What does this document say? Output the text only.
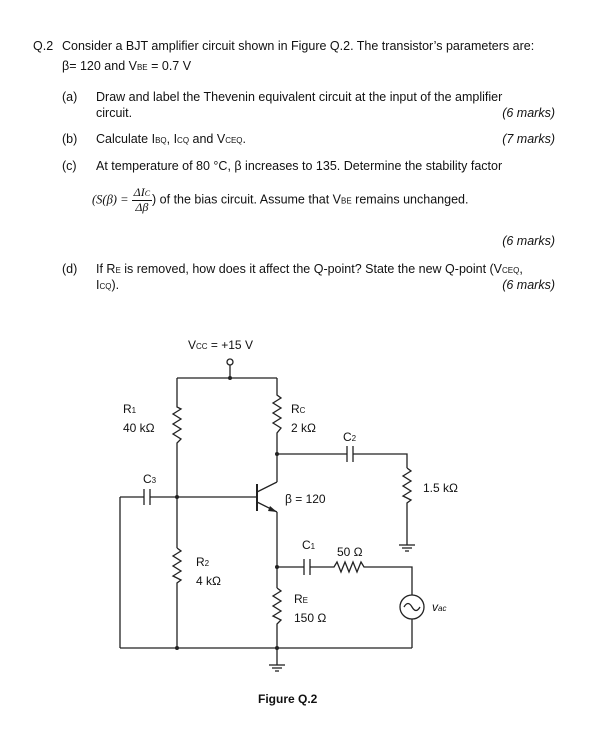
Q.2 Consider a BJT amplifier circuit shown in Figure Q.2. The transistor’s parameters are:
β= 120 and VBE = 0.7 V
(a) Draw and label the Thevenin equivalent circuit at the input of the amplifier
circuit.	(6 marks)
(b) Calculate IBQ, ICQ and VCEQ.	(7 marks)
(c) At temperature of 80 °C, β increases to 135. Determine the stability factor
($S(\beta) = \frac{\text{ΔIC}}{\Delta\beta}$ ) of the bias circuit. Assume that VBE remains unchanged.
(6 marks)
(d) If RE is removed, how does it affect the Q-point? State the new Q-point (VCEQ,
ICQ).	(6 marks)
VCC = +15 V
R1
40 kΩ
C3
R2
4 kΩ
RC
2 kΩ
C2
β = 120
1.5 kΩ
C1 50 Ω
RE
150 Ω
vac
Figure Q.2
